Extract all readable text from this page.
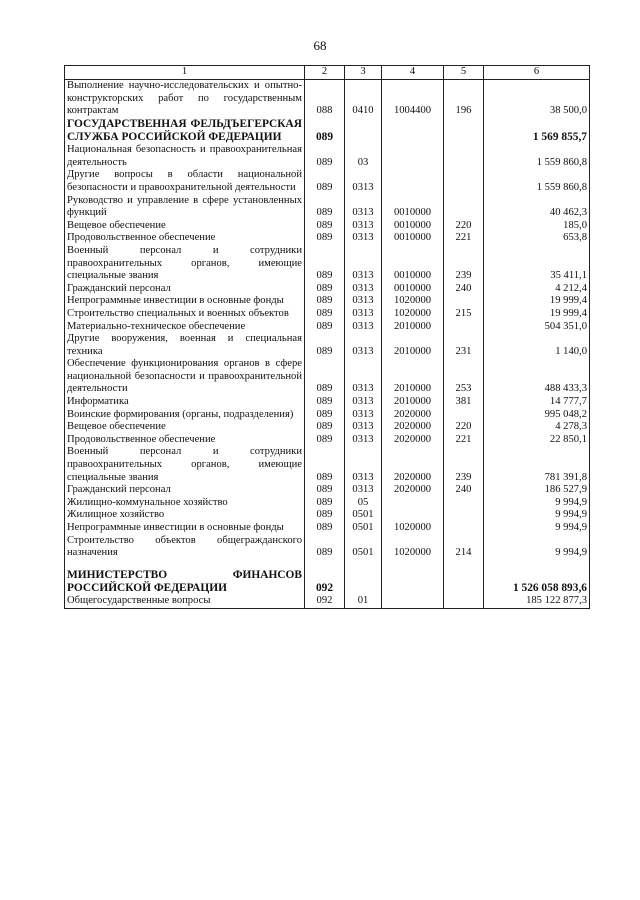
68
1	2	3	4	5	6
Выполнение научно-исследовательских и опытно-конструкторских работ по государственным контрактам	088	0410	1004400	196	38 500,0
ГОСУДАРСТВЕННАЯ ФЕЛЬДЪЕГЕРСКАЯ СЛУЖБА РОССИЙСКОЙ ФЕДЕРАЦИИ	089				1 569 855,7
Национальная безопасность и правоохранительная деятельность	089	03			1 559 860,8
Другие вопросы в области национальной безопасности и правоохранительной деятельности	089	0313			1 559 860,8
Руководство и управление в сфере установленных функций	089	0313	0010000		40 462,3
Вещевое обеспечение	089	0313	0010000	220	185,0
Продовольственное обеспечение	089	0313	0010000	221	653,8
Военный персонал и сотрудники правоохранительных органов, имеющие специальные звания	089	0313	0010000	239	35 411,1
Гражданский персонал	089	0313	0010000	240	4 212,4
Непрограммные инвестиции в основные фонды	089	0313	1020000		19 999,4
Строительство специальных и военных объектов	089	0313	1020000	215	19 999,4
Материально-техническое обеспечение	089	0313	2010000		504 351,0
Другие вооружения, военная и специальная техника	089	0313	2010000	231	1 140,0
Обеспечение функционирования органов в сфере национальной безопасности и правоохранительной деятельности	089	0313	2010000	253	488 433,3
Информатика	089	0313	2010000	381	14 777,7
Воинские формирования (органы, подразделения)	089	0313	2020000		995 048,2
Вещевое обеспечение	089	0313	2020000	220	4 278,3
Продовольственное обеспечение	089	0313	2020000	221	22 850,1
Военный персонал и сотрудники правоохранительных органов, имеющие специальные звания	089	0313	2020000	239	781 391,8
Гражданский персонал	089	0313	2020000	240	186 527,9
Жилищно-коммунальное хозяйство	089	05			9 994,9
Жилищное хозяйство	089	0501			9 994,9
Непрограммные инвестиции в основные фонды	089	0501	1020000		9 994,9
Строительство объектов общегражданского назначения	089	0501	1020000	214	9 994,9

МИНИСТЕРСТВО ФИНАНСОВ РОССИЙСКОЙ ФЕДЕРАЦИИ	092				1 526 058 893,6
Общегосударственные вопросы	092	01			185 122 877,3
